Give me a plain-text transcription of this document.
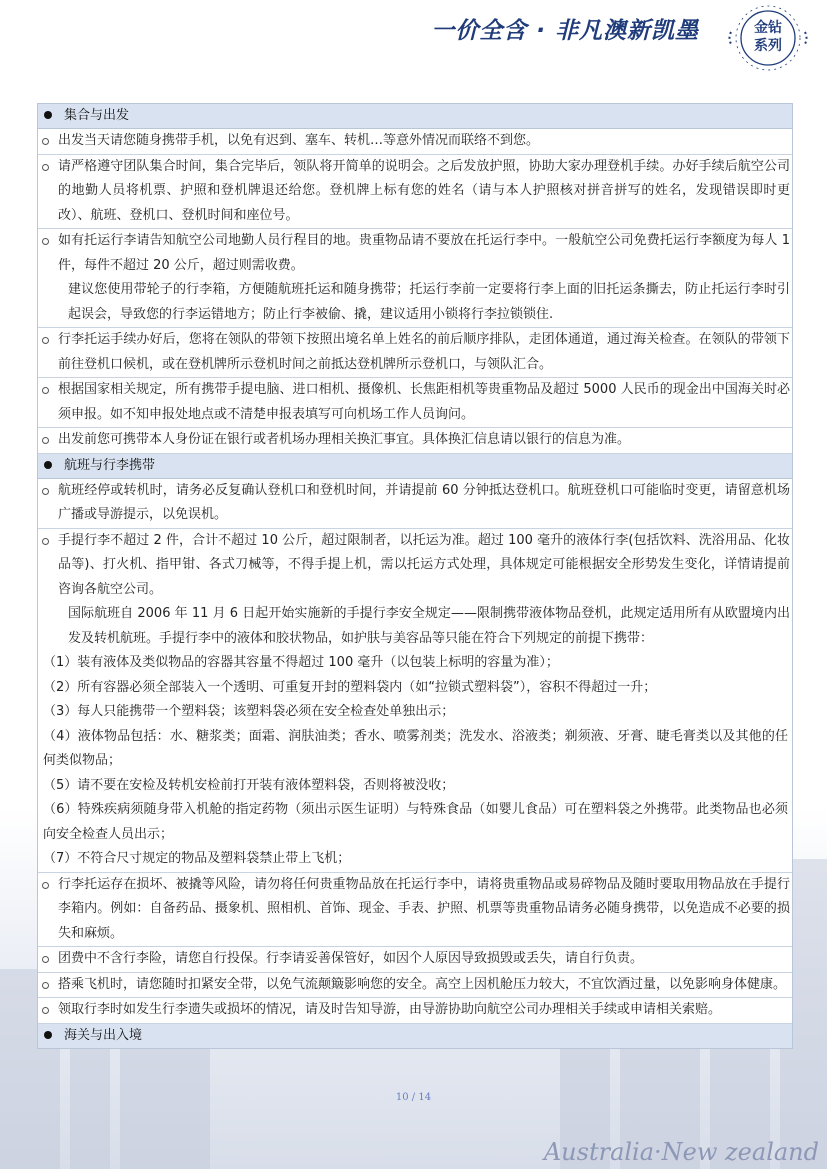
一价全含 · 非凡澳新凯墨	金钻
系列
集合与出发
出发当天请您随身携带手机，以免有迟到、塞车、转机…等意外情况而联络不到您。
请严格遵守团队集合时间，集合完毕后，领队将开简单的说明会。之后发放护照，协助大家办理登机手续。办好手续后航空公司的地勤人员将机票、护照和登机牌退还给您。登机牌上标有您的姓名（请与本人护照核对拼音拼写的姓名，发现错误即时更改）、航班、登机口、登机时间和座位号。
如有托运行李请告知航空公司地勤人员行程目的地。贵重物品请不要放在托运行李中。一般航空公司免费托运行李额度为每人 1 件，每件不超过 20 公斤，超过则需收费。
建议您使用带轮子的行李箱，方便随航班托运和随身携带；托运行李前一定要将行李上面的旧托运条撕去，防止托运行李时引起误会，导致您的行李运错地方；防止行李被偷、撬，建议适用小锁将行李拉锁锁住.
行李托运手续办好后，您将在领队的带领下按照出境名单上姓名的前后顺序排队，走团体通道，通过海关检查。在领队的带领下前往登机口候机，或在登机牌所示登机时间之前抵达登机牌所示登机口，与领队汇合。
根据国家相关规定，所有携带手提电脑、进口相机、摄像机、长焦距相机等贵重物品及超过 5000 人民币的现金出中国海关时必须申报。如不知申报处地点或不清楚申报表填写可向机场工作人员询问。
出发前您可携带本人身份证在银行或者机场办理相关换汇事宜。具体换汇信息请以银行的信息为准。
航班与行李携带
航班经停或转机时，请务必反复确认登机口和登机时间，并请提前 60 分钟抵达登机口。航班登机口可能临时变更，请留意机场广播或导游提示，以免误机。
手提行李不超过 2 件，合计不超过 10 公斤，超过限制者，以托运为准。超过 100 毫升的液体行李(包括饮料、洗浴用品、化妆品等)、打火机、指甲钳、各式刀械等，不得手提上机，需以托运方式处理，具体规定可能根据安全形势发生变化，详情请提前咨询各航空公司。
国际航班自 2006 年 11 月 6 日起开始实施新的手提行李安全规定——限制携带液体物品登机，此规定适用所有从欧盟境内出发及转机航班。手提行李中的液体和胶状物品，如护肤与美容品等只能在符合下列规定的前提下携带：
（1）装有液体及类似物品的容器其容量不得超过 100 毫升（以包装上标明的容量为准）；
（2）所有容器必须全部装入一个透明、可重复开封的塑料袋内（如“拉锁式塑料袋”），容积不得超过一升；
（3）每人只能携带一个塑料袋；该塑料袋必须在安全检查处单独出示；
（4）液体物品包括：水、糖浆类；面霜、润肤油类；香水、喷雾剂类；洗发水、浴液类；剃须液、牙膏、睫毛膏类以及其他的任何类似物品；
（5）请不要在安检及转机安检前打开装有液体塑料袋，否则将被没收；
（6）特殊疾病须随身带入机舱的指定药物（须出示医生证明）与特殊食品（如婴儿食品）可在塑料袋之外携带。此类物品也必须向安全检查人员出示；
（7）不符合尺寸规定的物品及塑料袋禁止带上飞机；
行李托运存在损坏、被撬等风险，请勿将任何贵重物品放在托运行李中，请将贵重物品或易碎物品及随时要取用物品放在手提行李箱内。例如：自备药品、摄象机、照相机、首饰、现金、手表、护照、机票等贵重物品请务必随身携带，以免造成不必要的损失和麻烦。
团费中不含行李险，请您自行投保。行李请妥善保管好，如因个人原因导致损毁或丢失，请自行负责。
搭乘飞机时，请您随时扣紧安全带，以免气流颠簸影响您的安全。高空上因机舱压力较大，不宜饮酒过量，以免影响身体健康。
领取行李时如发生行李遗失或损坏的情况，请及时告知导游，由导游协助向航空公司办理相关手续或申请相关索赔。
海关与出入境
10 / 14
Australia·New zealand
